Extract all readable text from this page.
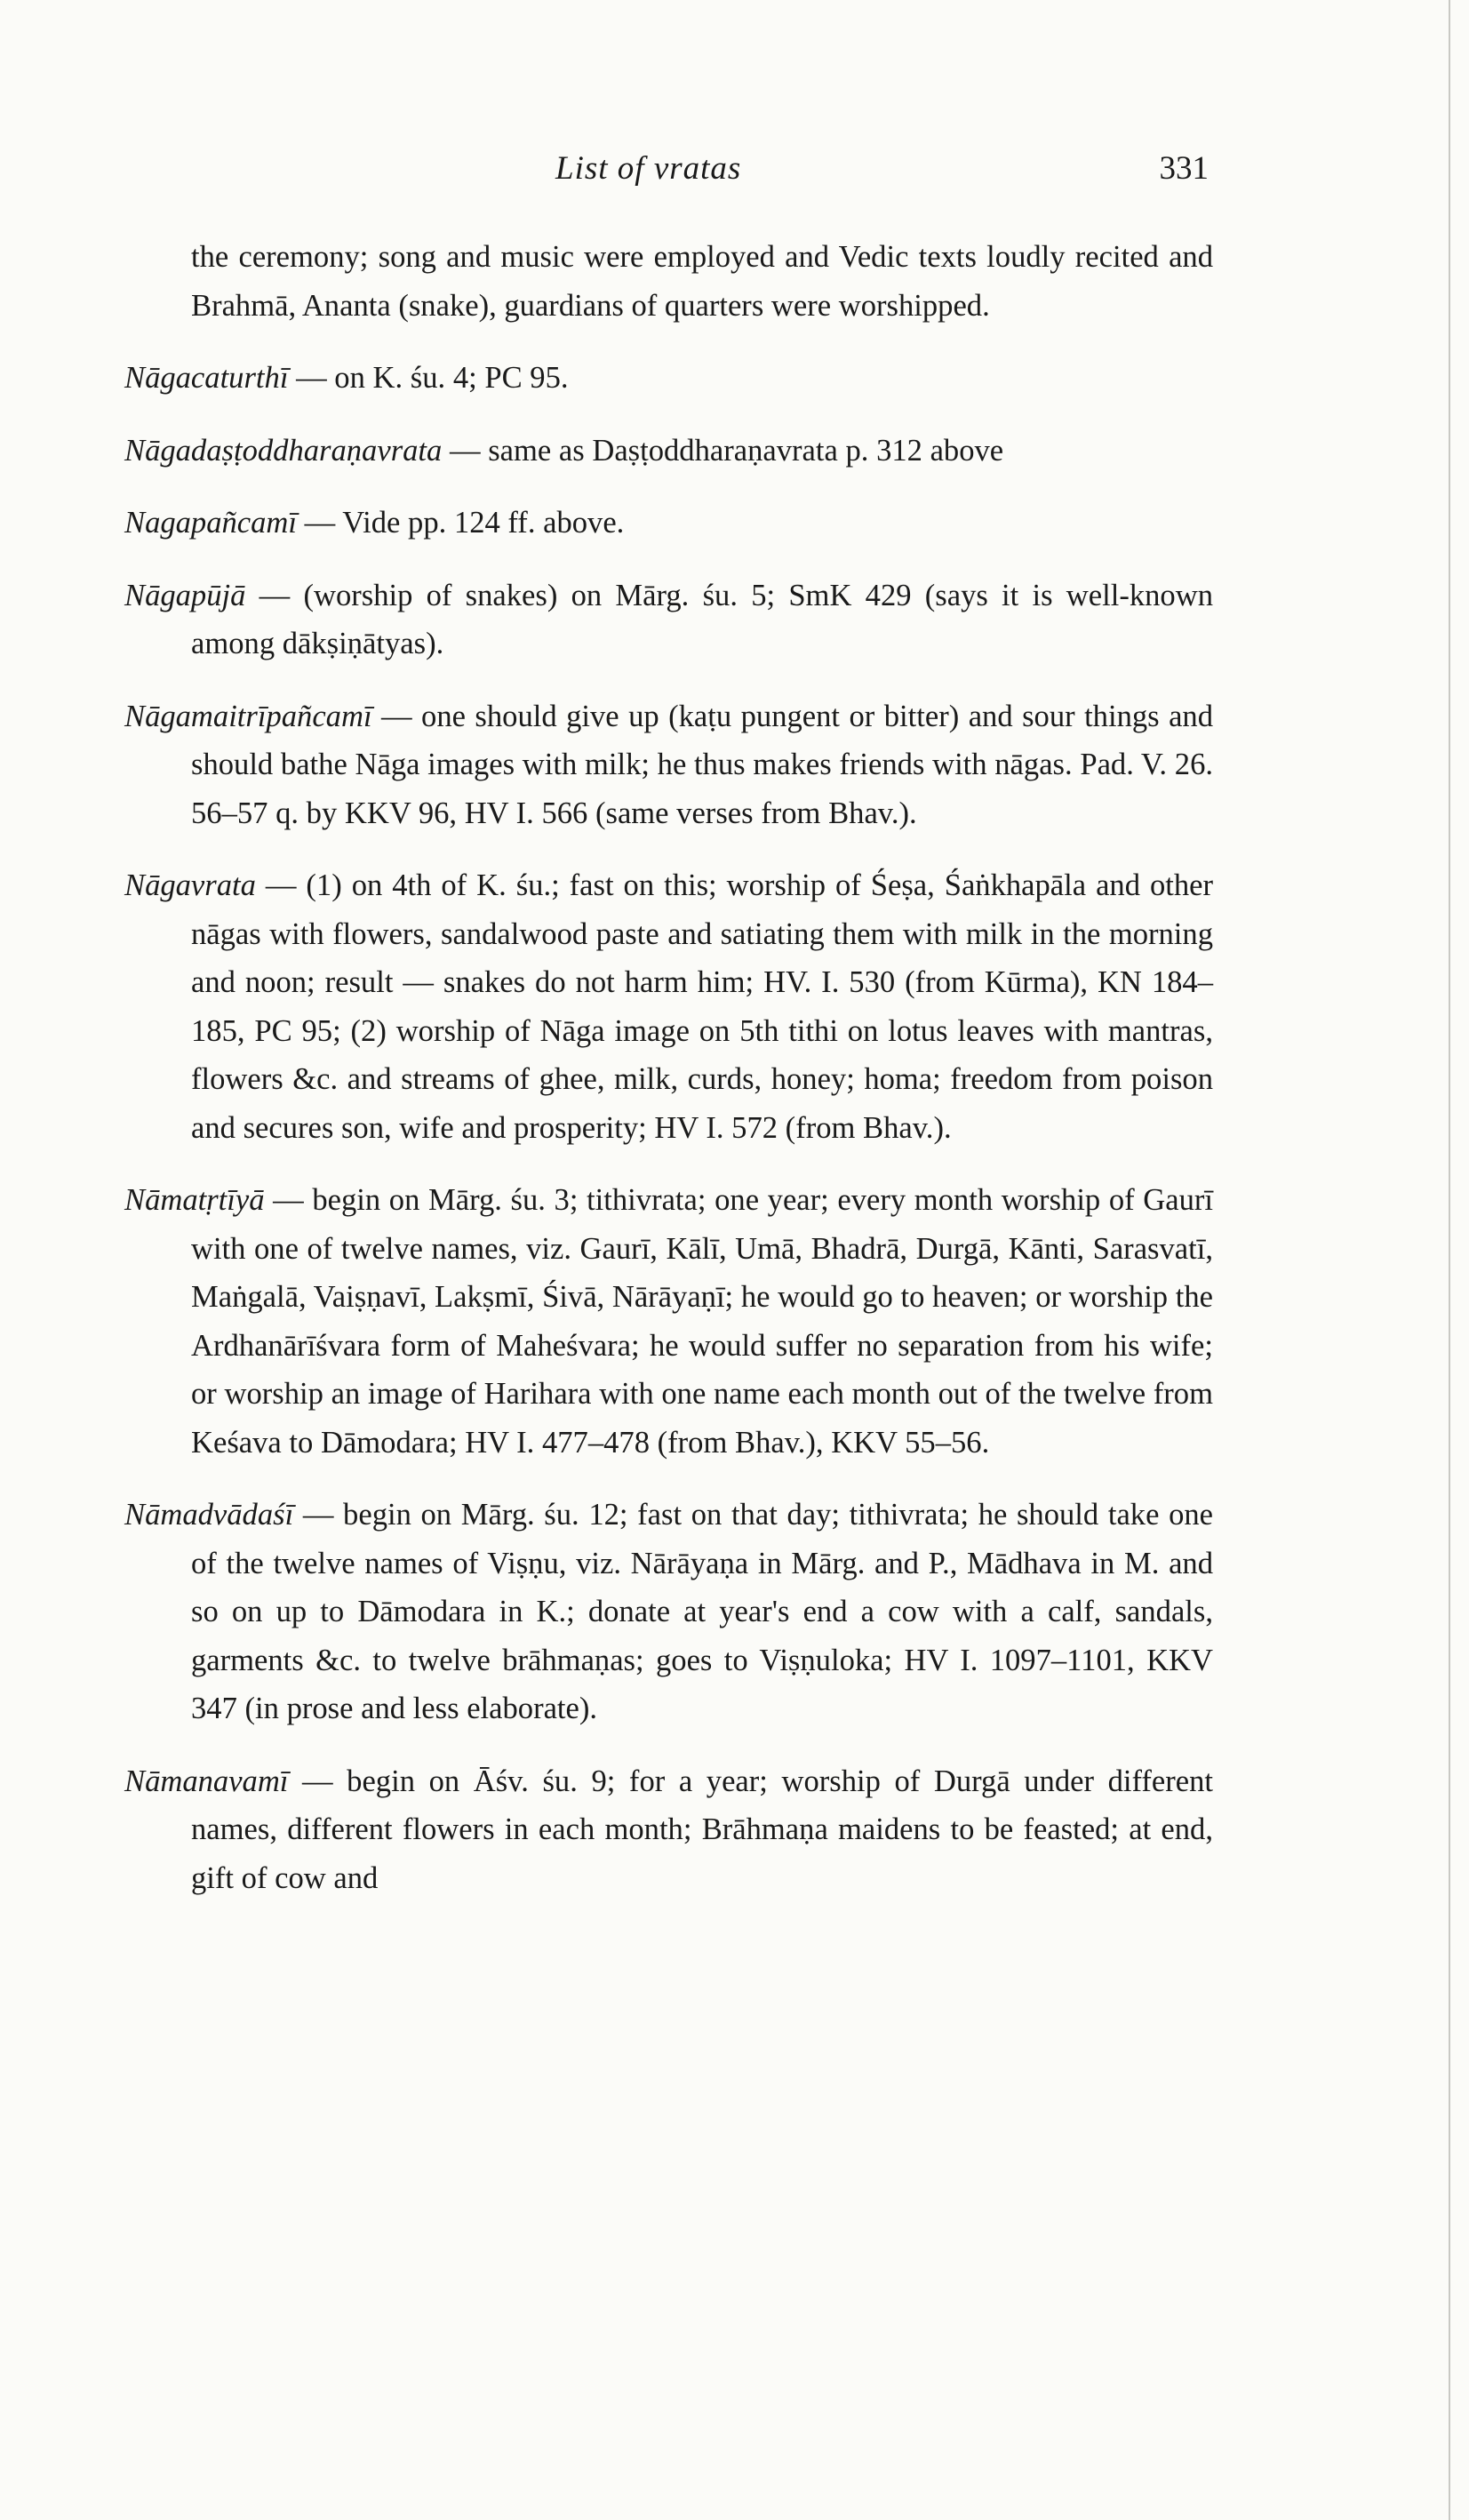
List of vratas	331

the ceremony; song and music were employed and Vedic texts loudly recited and Brahmā, Ananta (snake), guardians of quarters were worshipped.

Nāgacaturthī — on K. śu. 4; PC 95.

Nāgadaṣṭoddharaṇavrata — same as Daṣṭoddharaṇavrata p. 312 above

Nagapañcamī — Vide pp. 124 ff. above.

Nāgapūjā — (worship of snakes) on Mārg. śu. 5; SmK 429 (says it is well-known among dākṣiṇātyas).

Nāgamaitrīpañcamī — one should give up (kaṭu pungent or bitter) and sour things and should bathe Nāga images with milk; he thus makes friends with nāgas. Pad. V. 26. 56–57 q. by KKV 96, HV I. 566 (same verses from Bhav.).

Nāgavrata — (1) on 4th of K. śu.; fast on this; worship of Śeṣa, Śaṅkhapāla and other nāgas with flowers, sandalwood paste and satiating them with milk in the morning and noon; result — snakes do not harm him; HV. I. 530 (from Kūrma), KN 184–185, PC 95; (2) worship of Nāga image on 5th tithi on lotus leaves with mantras, flowers &c. and streams of ghee, milk, curds, honey; homa; freedom from poison and secures son, wife and prosperity; HV I. 572 (from Bhav.).

Nāmatṛtīyā — begin on Mārg. śu. 3; tithivrata; one year; every month worship of Gaurī with one of twelve names, viz. Gaurī, Kālī, Umā, Bhadrā, Durgā, Kānti, Sarasvatī, Maṅgalā, Vaiṣṇavī, Lakṣmī, Śivā, Nārāyaṇī; he would go to heaven; or worship the Ardhanārīśvara form of Maheśvara; he would suffer no separation from his wife; or worship an image of Harihara with one name each month out of the twelve from Keśava to Dāmodara; HV I. 477–478 (from Bhav.), KKV 55–56.

Nāmadvādaśī — begin on Mārg. śu. 12; fast on that day; tithivrata; he should take one of the twelve names of Viṣṇu, viz. Nārāyaṇa in Mārg. and P., Mādhava in M. and so on up to Dāmodara in K.; donate at year's end a cow with a calf, sandals, garments &c. to twelve brāhmaṇas; goes to Viṣṇuloka; HV I. 1097–1101, KKV 347 (in prose and less elaborate).

Nāmanavamī — begin on Āśv. śu. 9; for a year; worship of Durgā under different names, different flowers in each month; Brāhmaṇa maidens to be feasted; at end, gift of cow and
